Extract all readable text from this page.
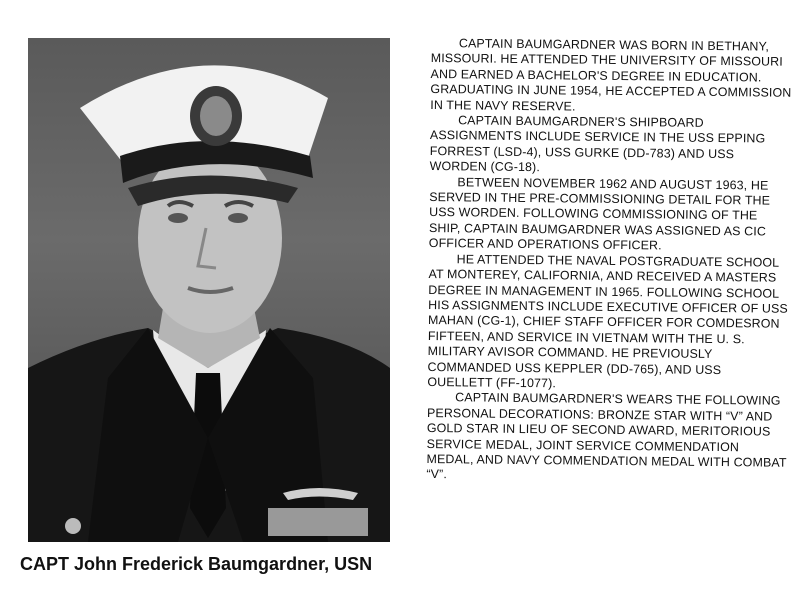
CAPT John Frederick Baumgardner, USN

CAPTAIN BAUMGARDNER WAS BORN IN BETHANY, MISSOURI. HE ATTENDED THE UNIVERSITY OF MISSOURI AND EARNED A BACHELOR'S DEGREE IN EDUCATION. GRADUATING IN JUNE 1954, HE ACCEPTED A COMMISSION IN THE NAVY RESERVE.

CAPTAIN BAUMGARDNER'S SHIPBOARD ASSIGNMENTS INCLUDE SERVICE IN THE USS EPPING FORREST (LSD-4), USS GURKE (DD-783) AND USS WORDEN (CG-18).

BETWEEN NOVEMBER 1962 AND AUGUST 1963, HE SERVED IN THE PRE-COMMISSIONING DETAIL FOR THE USS WORDEN. FOLLOWING COMMISSIONING OF THE SHIP, CAPTAIN BAUMGARDNER WAS ASSIGNED AS CIC OFFICER AND OPERATIONS OFFICER.

HE ATTENDED THE NAVAL POSTGRADUATE SCHOOL AT MONTEREY, CALIFORNIA, AND RECEIVED A MASTERS DEGREE IN MANAGEMENT IN 1965. FOLLOWING SCHOOL HIS ASSIGNMENTS INCLUDE EXECUTIVE OFFICER OF USS MAHAN (CG-1), CHIEF STAFF OFFICER FOR COMDESRON FIFTEEN, AND SERVICE IN VIETNAM WITH THE U. S. MILITARY AVISOR COMMAND. HE PREVIOUSLY COMMANDED USS KEPPLER (DD-765), AND USS OUELLETT (FF-1077).

CAPTAIN BAUMGARDNER'S WEARS THE FOLLOWING PERSONAL DECORATIONS: BRONZE STAR WITH “V” AND GOLD STAR IN LIEU OF SECOND AWARD, MERITORIOUS SERVICE MEDAL, JOINT SERVICE COMMENDATION MEDAL, AND NAVY COMMENDATION MEDAL WITH COMBAT “V”.
